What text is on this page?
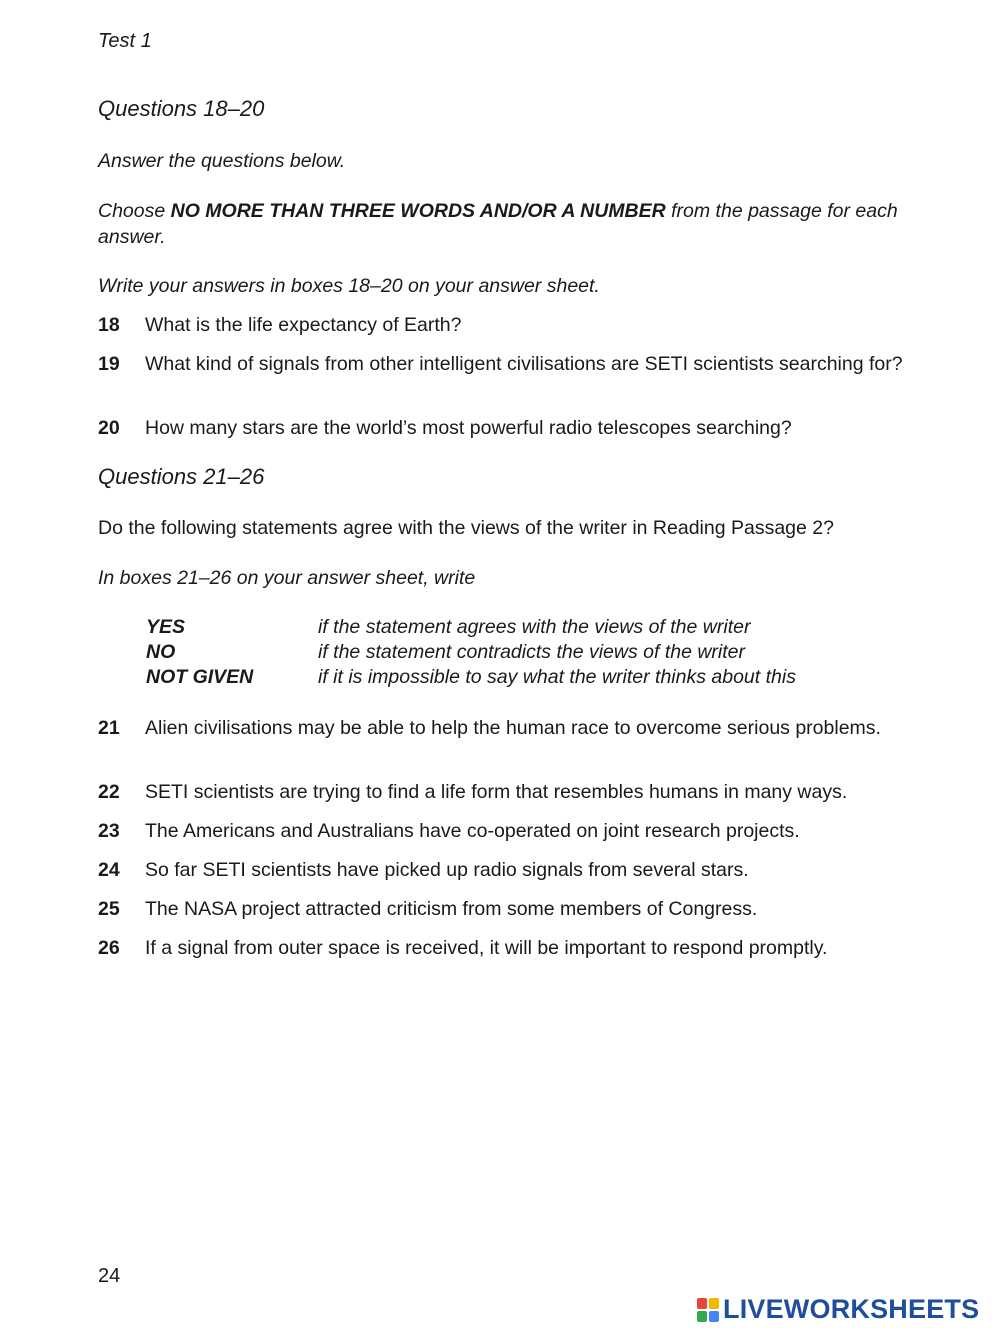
Test 1
Questions 18–20
Answer the questions below.
Choose NO MORE THAN THREE WORDS AND/OR A NUMBER from the passage for each answer.
Write your answers in boxes 18–20 on your answer sheet.
18	What is the life expectancy of Earth?
19	What kind of signals from other intelligent civilisations are SETI scientists searching for?
20	How many stars are the world’s most powerful radio telescopes searching?
Questions 21–26
Do the following statements agree with the views of the writer in Reading Passage 2?
In boxes 21–26 on your answer sheet, write
YES	if the statement agrees with the views of the writer
NO	if the statement contradicts the views of the writer
NOT GIVEN	if it is impossible to say what the writer thinks about this
21	Alien civilisations may be able to help the human race to overcome serious problems.
22	SETI scientists are trying to find a life form that resembles humans in many ways.
23	The Americans and Australians have co-operated on joint research projects.
24	So far SETI scientists have picked up radio signals from several stars.
25	The NASA project attracted criticism from some members of Congress.
26	If a signal from outer space is received, it will be important to respond promptly.
24
LIVEWORKSHEETS
